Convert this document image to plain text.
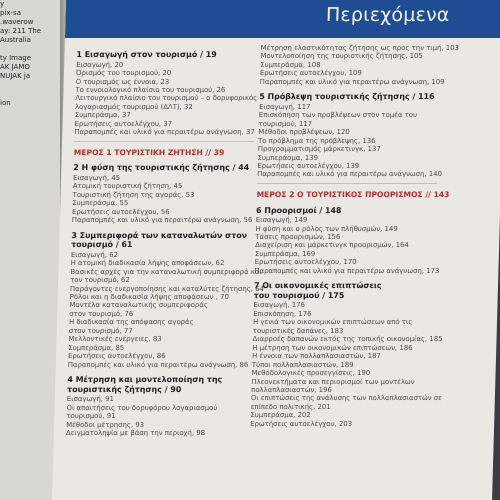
y
pix-sa
.waverow
ay: 211 The
Australia

ty Image
AK JAMO
NUJAK ja

ion
Περιεχόμενα
1 Εισαγωγή στον τουρισμό / 19
Εισαγωγή, 20
Όρισμός του τουρισμού, 20
Ο τουρισμός ως έννοια, 23
Το εννοιολογικό πλαίσιο του τουρισμού, 26
Λειτουργικό πλαίσιο του τουρισμού – ο δορυφορικός
λογαριασμός τουρισμού (ΔΛΤ), 32
Συμπεράσμα, 37
Ερωτήσεις αυτοελέγχου, 37
Παραπομπές και υλικό για περαιτέρω ανάγνωση, 37
ΜΕΡΟΣ 1 ΤΟΥΡΙΣΤΙΚΗ ΖΗΤΗΣΗ // 39
2 Η φύση της τουριστικής ζήτησης / 44
Εισαγωγή, 45
Ατομική τουριστική ζήτηση, 45
Τουριστική ζήτηση της αγοράς, 53
Συμπεράσμα, 55
Ερωτήσεις αυτοελέγχου, 56
Παραπομπές και υλικό για περαιτέρω ανάγνωση, 56
3 Συμπεριφορά των καταναλωτών στον
τουρισμό / 61
Εισαγωγή, 62
Η ατομική διαδικασία λήψης αποφάσεων, 62
Βασικές αρχές για την καταναλωτική συμπεριφορά και
τον τουρισμό, 62
Παράγοντες ενεργοποίησης και καταλύτες ζήτησης, 64
Ρόλοι και η διαδικασία λήψης αποφάσεων , 70
Μοντέλα καταναλωτικής συμπεριφοράς
στον τουρισμό, 76
Η διαδικασία της απόφασης αγοράς
στον τουρισμό, 77
Μελλοντικές ενέργειες, 83
Συμπεράσμα, 85
Ερωτήσεις αυτοελέγχου, 86
Παραπομπές και υλικό για περαιτέρω ανάγνωση, 86
4 Μέτρηση και μοντελοποίηση της
τουριστικής ζήτησης / 90
Εισαγωγή, 91
Οι απαιτήσεις του δορυφόρου λογαριασμού
τουρισμού, 91
Μέθοδοι μέτρησης, 93
Δειγματοληψία με βάση την περιοχή, 98
Μέτρηση ελαστικότητας ζήτησης ως προς την τιμή, 103
Μοντελοποίηση της τουριστικής ζήτησης, 105
Συμπεράσμα, 108
Ερωτήσεις αυτοελέγχου, 109
Παραπομπές και υλικό για περαιτέρω ανάγνωση, 109
5 Πρόβλεψη τουριστικής ζήτησης / 116
Εισαγωγή, 117
Επισκόπηση των προβλέψεων στον τομέα του
τουρισμού, 117
Μέθοδοι προβλέψεων, 120
Το πρόβλημα της πρόβλεψης, 136
Προγραμματισμός μάρκετινγκ, 137
Συμπεράσμα, 139
Ερωτήσεις αυτοελέγχου, 139
Παραπομπές και υλικό για περαιτέρω ανάγνωση, 140
ΜΕΡΟΣ 2 Ο ΤΟΥΡΙΣΤΙΚΟΣ ΠΡΟΟΡΙΣΜΟΣ // 143
6 Προορισμοί / 148
Εισαγωγή, 149
Η φύση και ο ρόλος των πλήθυσμών, 149
Τάσεις προορισμών, 156
Διαχείριση και μάρκετινγκ προορισμών, 164
Συμπεράσμα, 169
Ερωτήσεις αυτοελέγχου, 170
Παραπομπές και υλικό για περαιτέρω ανάγνωση, 173
7 Οι οικονομικές επιπτώσεις
του τουρισμού / 175
Εισαγωγή, 176
Επισκόπηση, 176
Η γενιά των οικονομικών επιπτώσεων από τις
τουριστικές δαπάνες, 183
Διαρροές δαπανών εκτός της τοπικής οικονομίας, 185
Η μέτρηση των οικονομικών επιπτώσεων, 186
Η έννοια των πολλαπλασιαστών, 187
Τύποι πολλαπλασιαστών, 189
Μεθοδολογικές προσεγγίσεις, 190
Πλεονεκτήματα και περιορισμοί των μοντέλων
πολλαπλασιαστών, 196
Οι επιπτώσεις της ανάλυσης των πολλαπλασιαστών σε
επίπεδο πολιτικής, 201
Συμπεράσμα, 202
Ερωτήσεις αυτοελέγχου, 203
